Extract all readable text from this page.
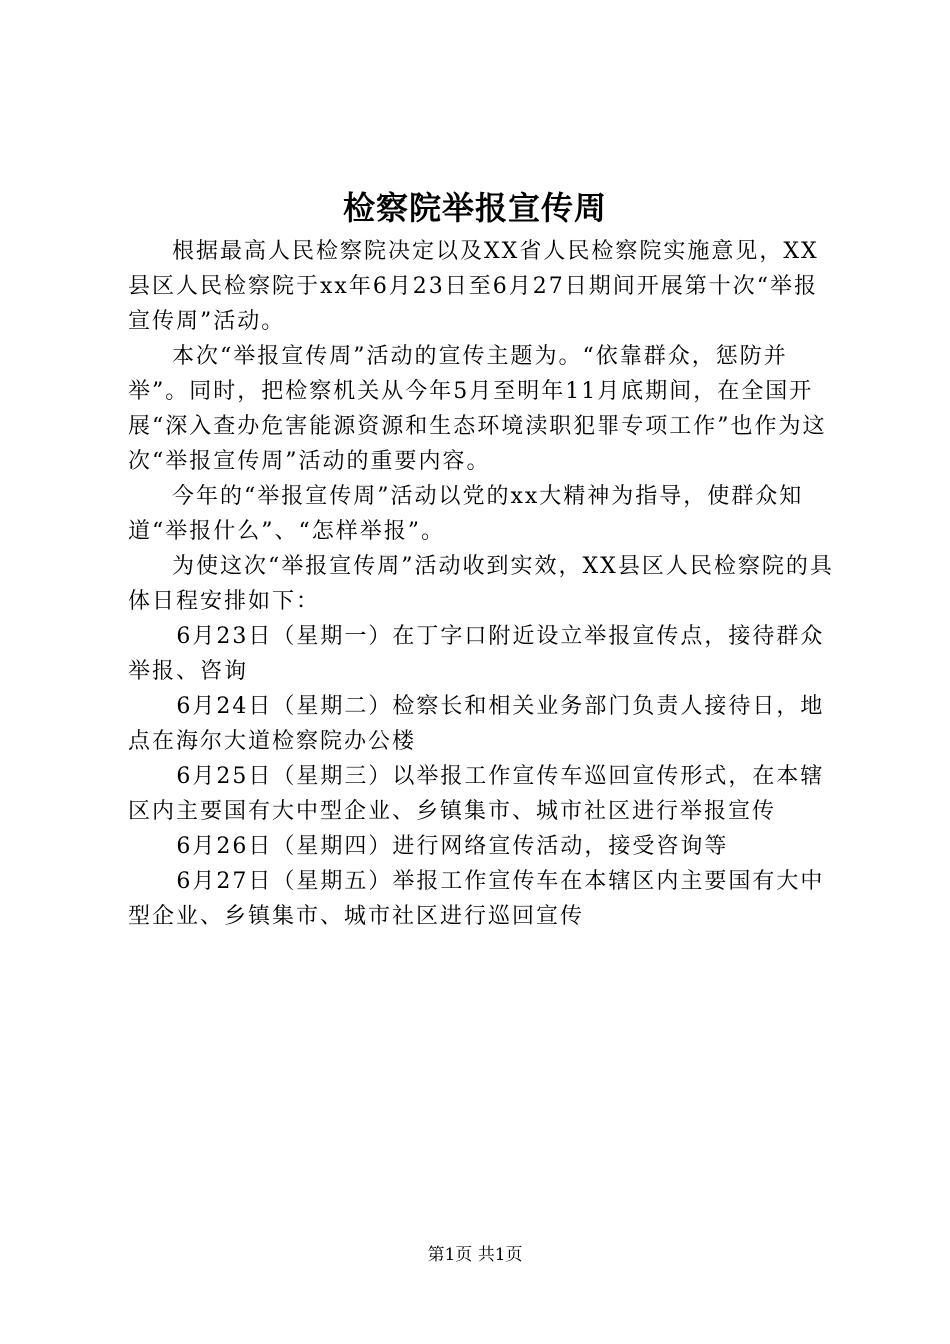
检察院举报宣传周

根据最高人民检察院决定以及XX省人民检察院实施意见，XX县区人民检察院于xx年6月23日至6月27日期间开展第十次“举报宣传周”活动。

本次“举报宣传周”活动的宣传主题为。“依靠群众，惩防并举”。同时，把检察机关从今年5月至明年11月底期间，在全国开展“深入查办危害能源资源和生态环境渎职犯罪专项工作”也作为这次“举报宣传周”活动的重要内容。

今年的“举报宣传周”活动以党的xx大精神为指导，使群众知道“举报什么”、“怎样举报”。

为使这次“举报宣传周”活动收到实效，XX县区人民检察院的具体日程安排如下：

6月23日（星期一）在丁字口附近设立举报宣传点，接待群众举报、咨询

6月24日（星期二）检察长和相关业务部门负责人接待日，地点在海尔大道检察院办公楼

6月25日（星期三）以举报工作宣传车巡回宣传形式，在本辖区内主要国有大中型企业、乡镇集市、城市社区进行举报宣传

6月26日（星期四）进行网络宣传活动，接受咨询等

6月27日（星期五）举报工作宣传车在本辖区内主要国有大中型企业、乡镇集市、城市社区进行巡回宣传

第1页 共1页
